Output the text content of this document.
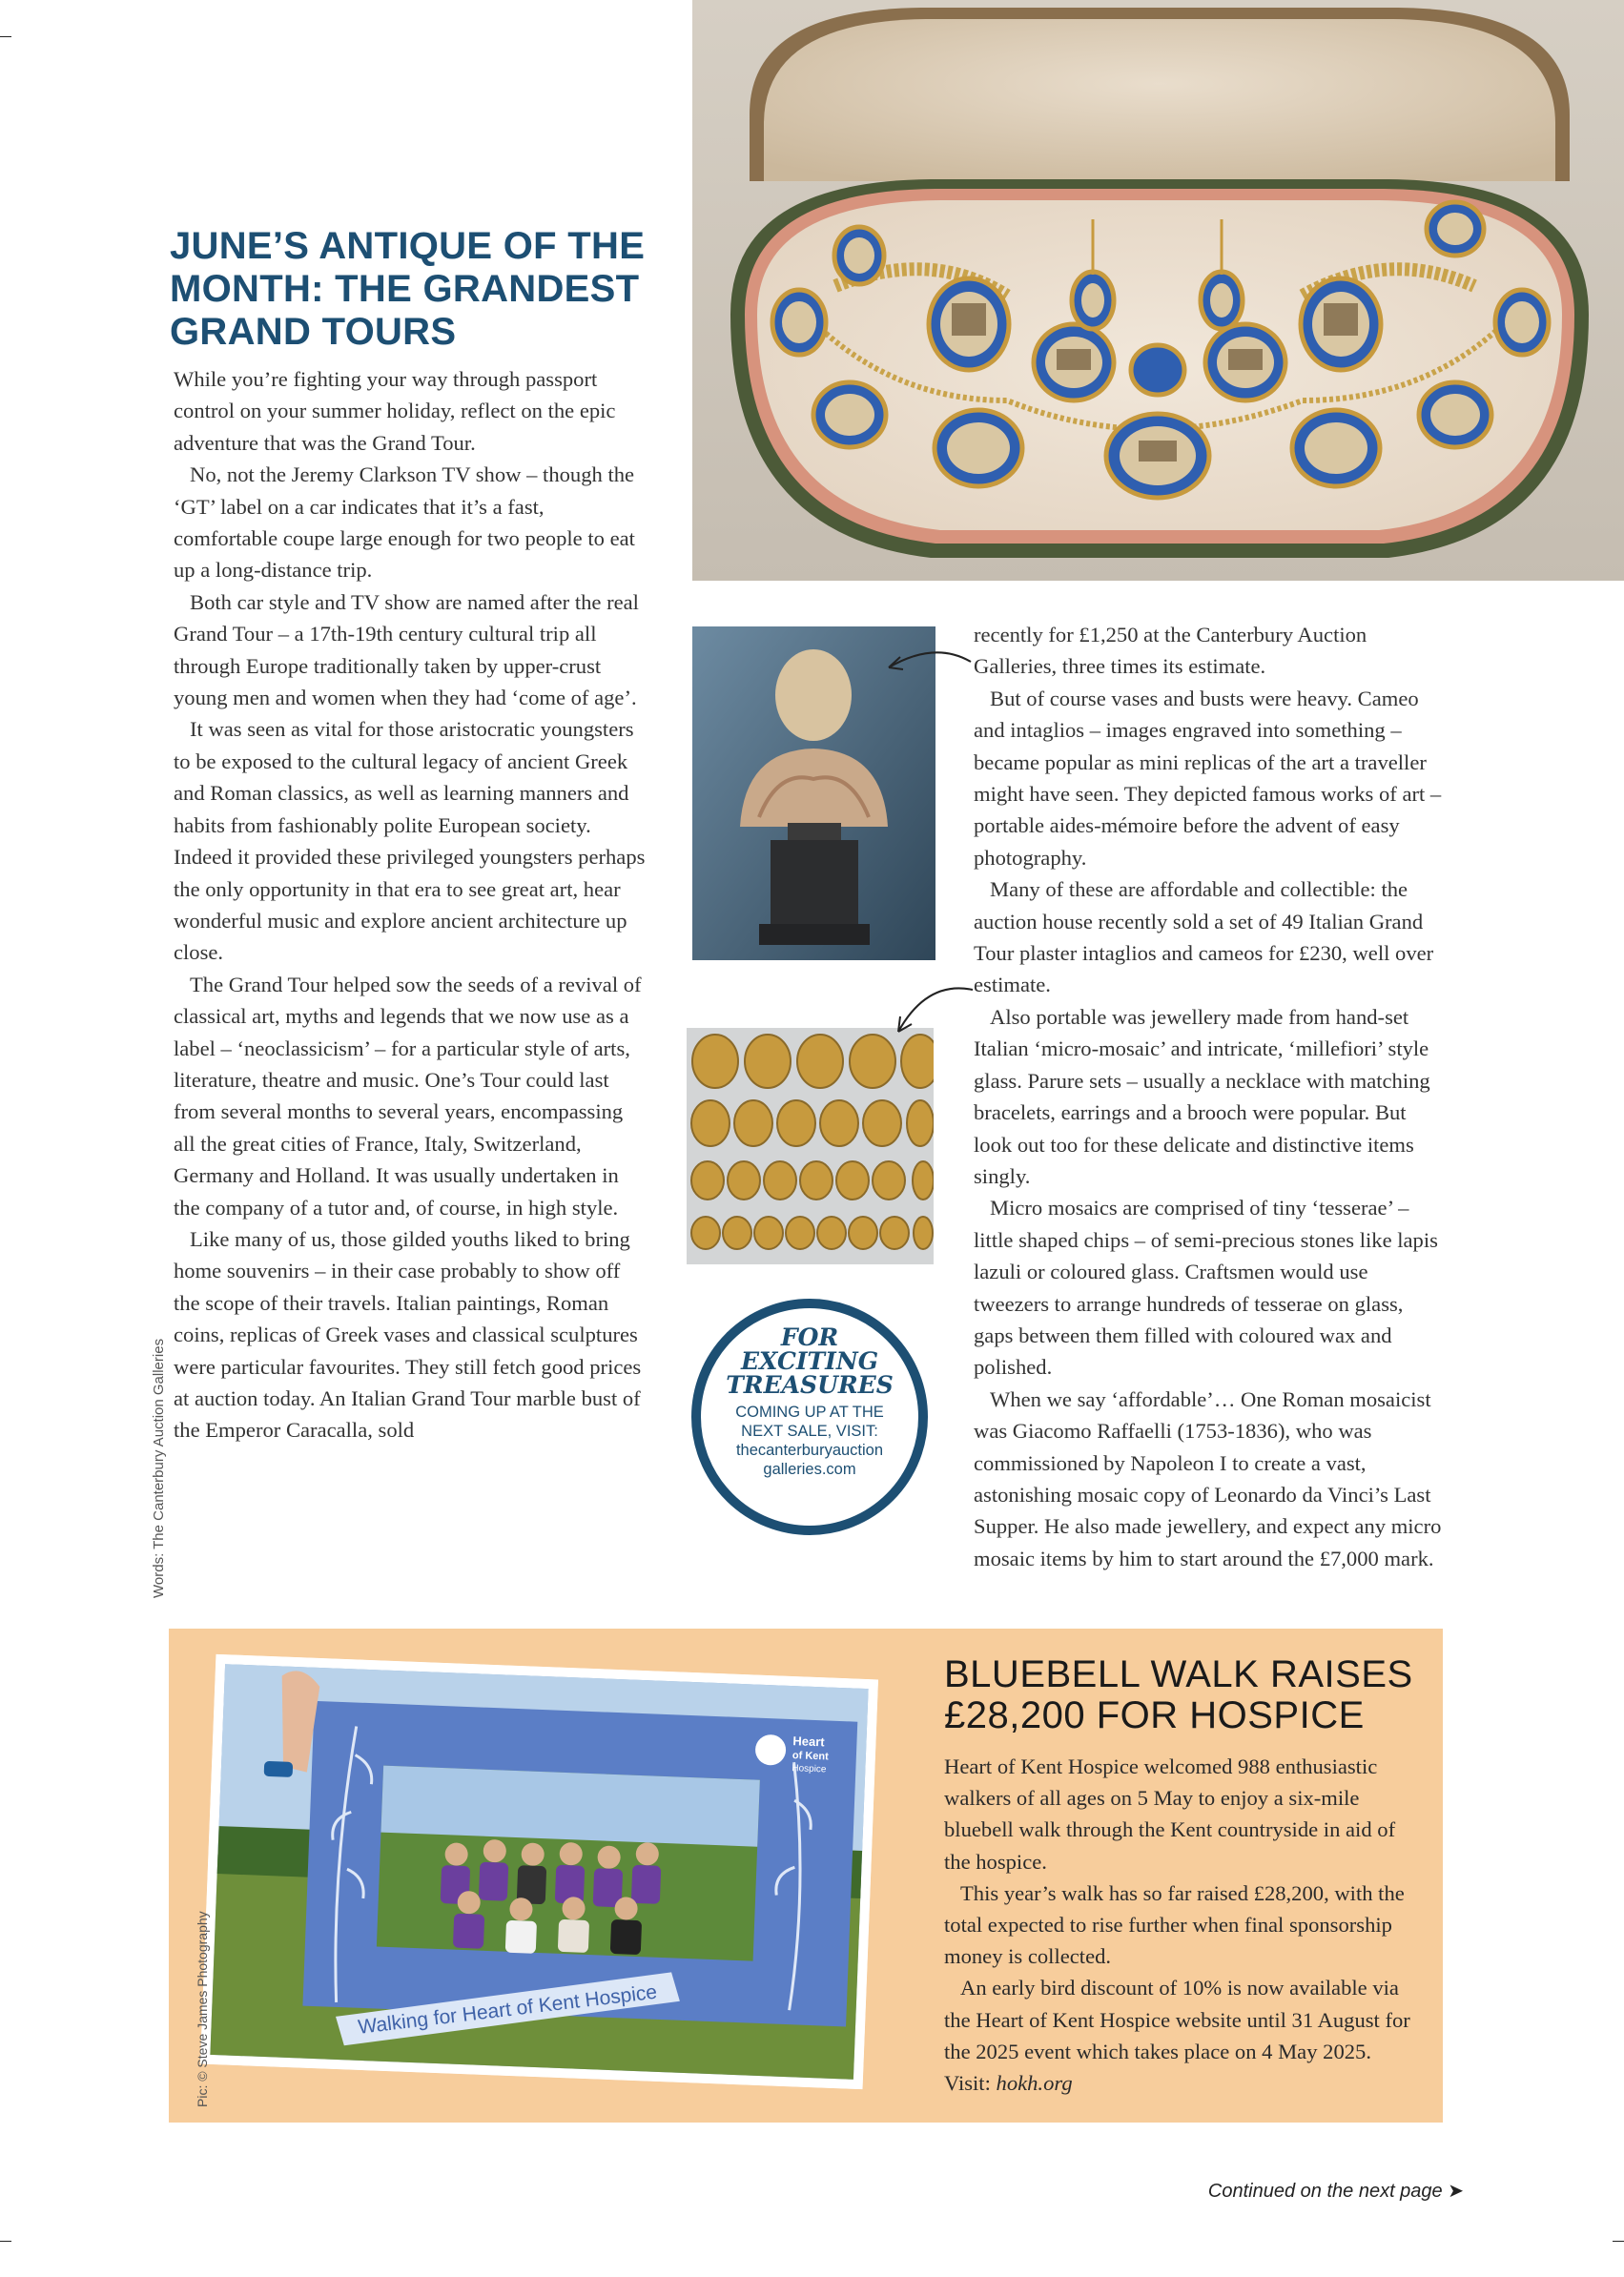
JUNE’S ANTIQUE OF THE
MONTH: THE GRANDEST
GRAND TOURS

While you’re fighting your way through passport control on your summer holiday, reflect on the epic adventure that was the Grand Tour.

No, not the Jeremy Clarkson TV show – though the ‘GT’ label on a car indicates that it’s a fast, comfortable coupe large enough for two people to eat up a long-distance trip.

Both car style and TV show are named after the real Grand Tour – a 17th-19th century cultural trip all through Europe traditionally taken by upper-crust young men and women when they had ‘come of age’.

It was seen as vital for those aristocratic youngsters to be exposed to the cultural legacy of ancient Greek and Roman classics, as well as learning manners and habits from fashionably polite European society. Indeed it provided these privileged youngsters perhaps the only opportunity in that era to see great art, hear wonderful music and explore ancient architecture up close.

The Grand Tour helped sow the seeds of a revival of classical art, myths and legends that we now use as a label – ‘neoclassicism’ – for a particular style of arts, literature, theatre and music. One’s Tour could last from several months to several years, encompassing all the great cities of France, Italy, Switzerland, Germany and Holland. It was usually undertaken in the company of a tutor and, of course, in high style.

Like many of us, those gilded youths liked to bring home souvenirs – in their case probably to show off the scope of their travels. Italian paintings, Roman coins, replicas of Greek vases and classical sculptures were particular favourites. They still fetch good prices at auction today. An Italian Grand Tour marble bust of the Emperor Caracalla, sold

Words: The Canterbury Auction Galleries
FOR
EXCITING
TREASURES
COMING UP AT THE
NEXT SALE, VISIT:
thecanterburyauction
galleries.com

recently for £1,250 at the Canterbury Auction Galleries, three times its estimate.

But of course vases and busts were heavy. Cameo and intaglios – images engraved into something – became popular as mini replicas of the art a traveller might have seen. They depicted famous works of art – portable aides-mémoire before the advent of easy photography.

Many of these are affordable and collectible: the auction house recently sold a set of 49 Italian Grand Tour plaster intaglios and cameos for £230, well over estimate.

Also portable was jewellery made from hand-set Italian ‘micro-mosaic’ and intricate, ‘millefiori’ style glass. Parure sets – usually a necklace with matching bracelets, earrings and a brooch were popular. But look out too for these delicate and distinctive items singly.

Micro mosaics are comprised of tiny ‘tesserae’ – little shaped chips – of semi-precious stones like lapis lazuli or coloured glass. Craftsmen would use tweezers to arrange hundreds of tesserae on glass, gaps between them filled with coloured wax and polished.

When we say ‘affordable’… One Roman mosaicist was Giacomo Raffaelli (1753-1836), who was commissioned by Napoleon I to create a vast, astonishing mosaic copy of Leonardo da Vinci’s Last Supper. He also made jewellery, and expect any micro mosaic items by him to start around the £7,000 mark.

Walking for Heart of Kent Hospice
Heart
of Kent
Hospice
Pic: © Steve James Photography
BLUEBELL WALK RAISES
£28,200 FOR HOSPICE

Heart of Kent Hospice welcomed 988 enthusiastic walkers of all ages on 5 May to enjoy a six-mile bluebell walk through the Kent countryside in aid of the hospice.

This year’s walk has so far raised £28,200, with the total expected to rise further when final sponsorship money is collected.

An early bird discount of 10% is now available via the Heart of Kent Hospice website until 31 August for the 2025 event which takes place on 4 May 2025. Visit: hokh.org

Continued on the next page ➤
